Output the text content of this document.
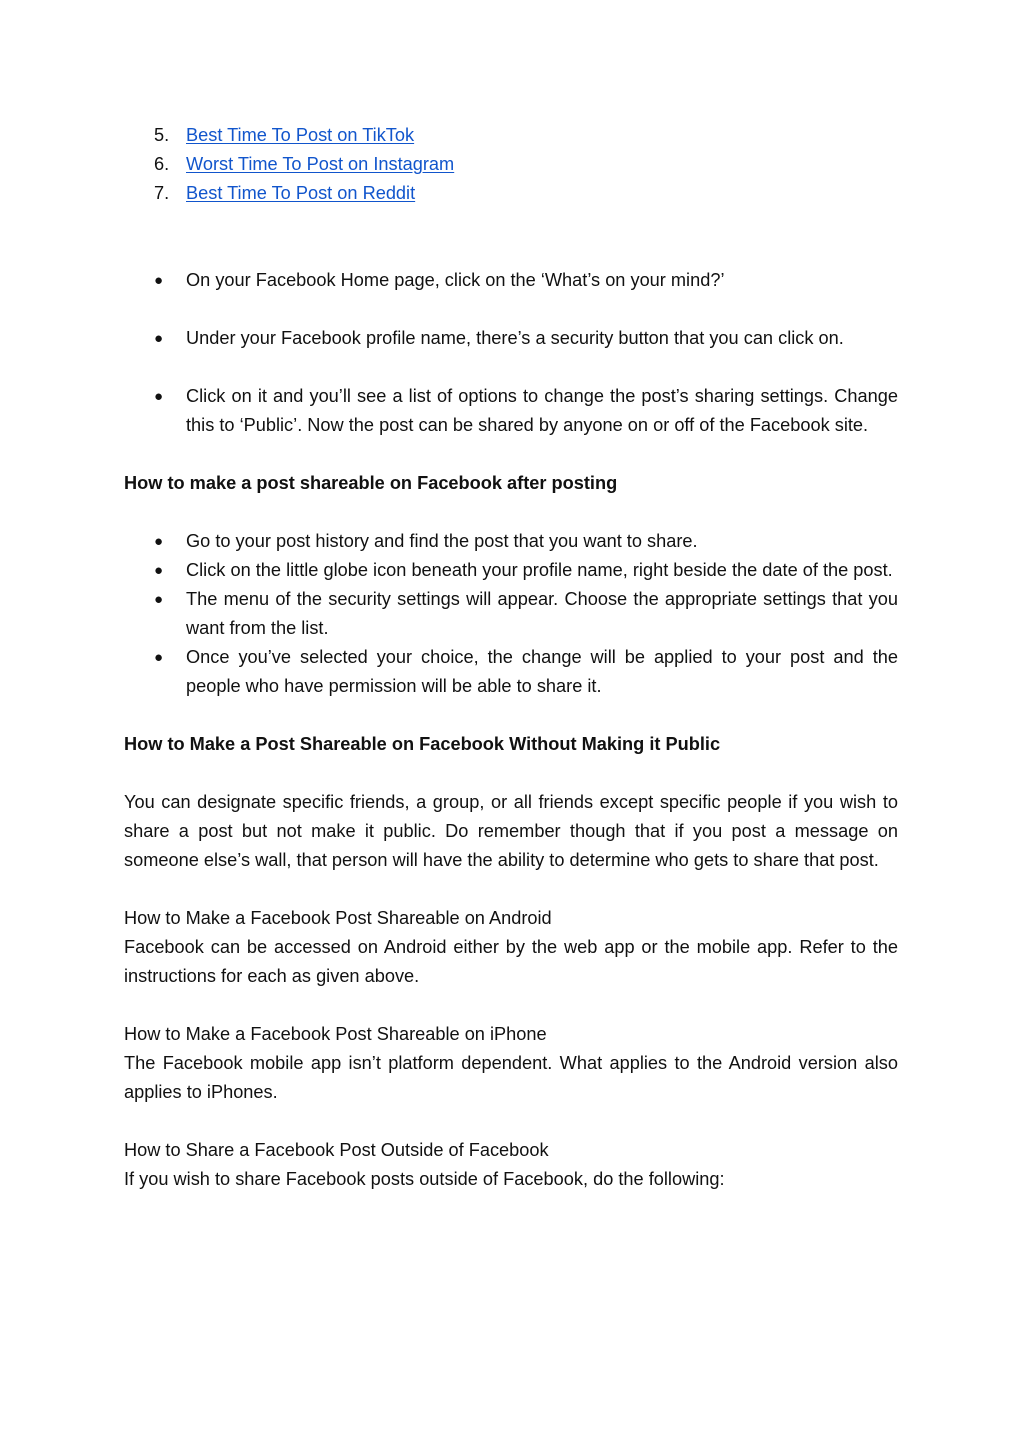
5. Best Time To Post on TikTok
6. Worst Time To Post on Instagram
7. Best Time To Post on Reddit
● On your Facebook Home page, click on the ‘What’s on your mind?’
● Under your Facebook profile name, there’s a security button that you can click on.
● Click on it and you’ll see a list of options to change the post’s sharing settings. Change this to ‘Public’. Now the post can be shared by anyone on or off of the Facebook site.

How to make a post shareable on Facebook after posting

● Go to your post history and find the post that you want to share.
● Click on the little globe icon beneath your profile name, right beside the date of the post.
● The menu of the security settings will appear. Choose the appropriate settings that you want from the list.
● Once you’ve selected your choice, the change will be applied to your post and the people who have permission will be able to share it.

How to Make a Post Shareable on Facebook Without Making it Public

You can designate specific friends, a group, or all friends except specific people if you wish to share a post but not make it public. Do remember though that if you post a message on someone else’s wall, that person will have the ability to determine who gets to share that post.

How to Make a Facebook Post Shareable on Android

Facebook can be accessed on Android either by the web app or the mobile app. Refer to the instructions for each as given above.

How to Make a Facebook Post Shareable on iPhone

The Facebook mobile app isn’t platform dependent. What applies to the Android version also applies to iPhones.

How to Share a Facebook Post Outside of Facebook

If you wish to share Facebook posts outside of Facebook, do the following:
